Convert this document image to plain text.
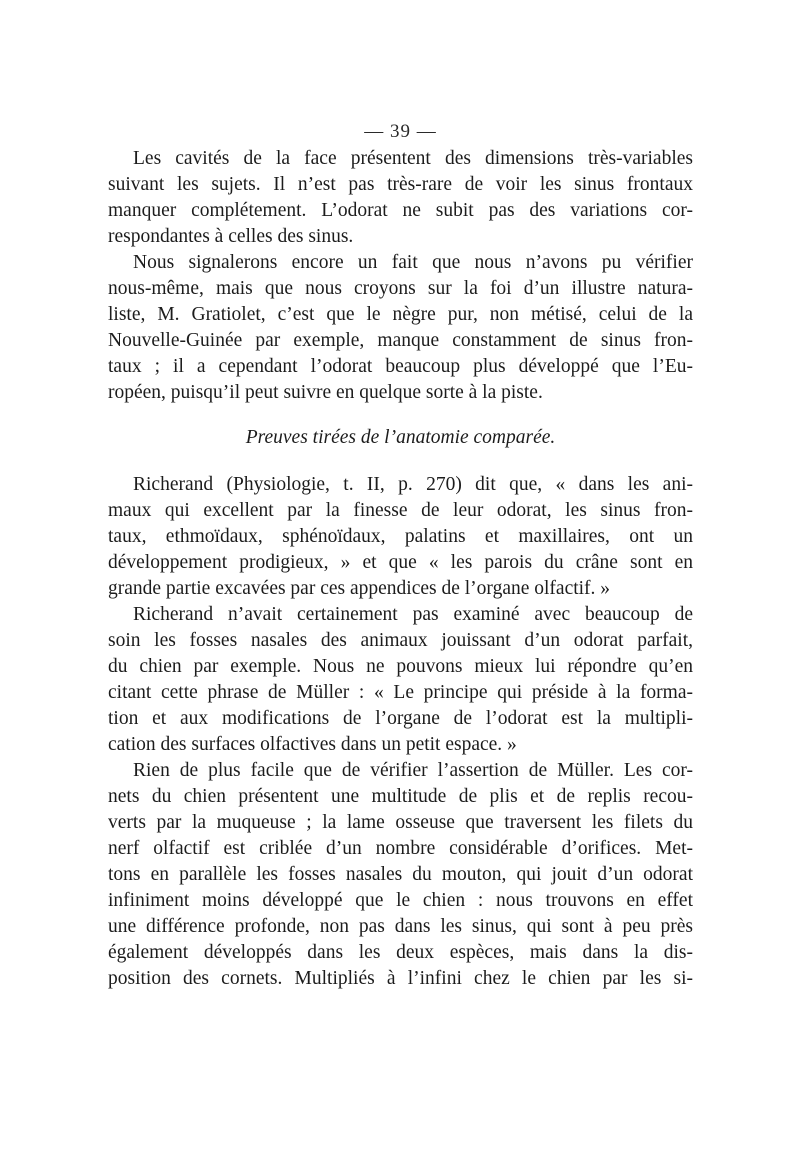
— 39 —
Les cavités de la face présentent des dimensions très-variables
suivant les sujets. Il n’est pas très-rare de voir les sinus frontaux
manquer complétement. L’odorat ne subit pas des variations cor-
respondantes à celles des sinus.
Nous signalerons encore un fait que nous n’avons pu vérifier
nous-même, mais que nous croyons sur la foi d’un illustre natura-
liste, M. Gratiolet, c’est que le nègre pur, non métisé, celui de la
Nouvelle-Guinée par exemple, manque constamment de sinus fron-
taux ; il a cependant l’odorat beaucoup plus développé que l’Eu-
ropéen, puisqu’il peut suivre en quelque sorte à la piste.
Preuves tirées de l’anatomie comparée.
Richerand (Physiologie, t. II, p. 270) dit que, « dans les ani-
maux qui excellent par la finesse de leur odorat, les sinus fron-
taux, ethmoïdaux, sphénoïdaux, palatins et maxillaires, ont un
développement prodigieux, » et que « les parois du crâne sont en
grande partie excavées par ces appendices de l’organe olfactif. »
Richerand n’avait certainement pas examiné avec beaucoup de
soin les fosses nasales des animaux jouissant d’un odorat parfait,
du chien par exemple. Nous ne pouvons mieux lui répondre qu’en
citant cette phrase de Müller : « Le principe qui préside à la forma-
tion et aux modifications de l’organe de l’odorat est la multipli-
cation des surfaces olfactives dans un petit espace. »
Rien de plus facile que de vérifier l’assertion de Müller. Les cor-
nets du chien présentent une multitude de plis et de replis recou-
verts par la muqueuse ; la lame osseuse que traversent les filets du
nerf olfactif est criblée d’un nombre considérable d’orifices. Met-
tons en parallèle les fosses nasales du mouton, qui jouit d’un odorat
infiniment moins développé que le chien : nous trouvons en effet
une différence profonde, non pas dans les sinus, qui sont à peu près
également développés dans les deux espèces, mais dans la dis-
position des cornets. Multipliés à l’infini chez le chien par les si-
